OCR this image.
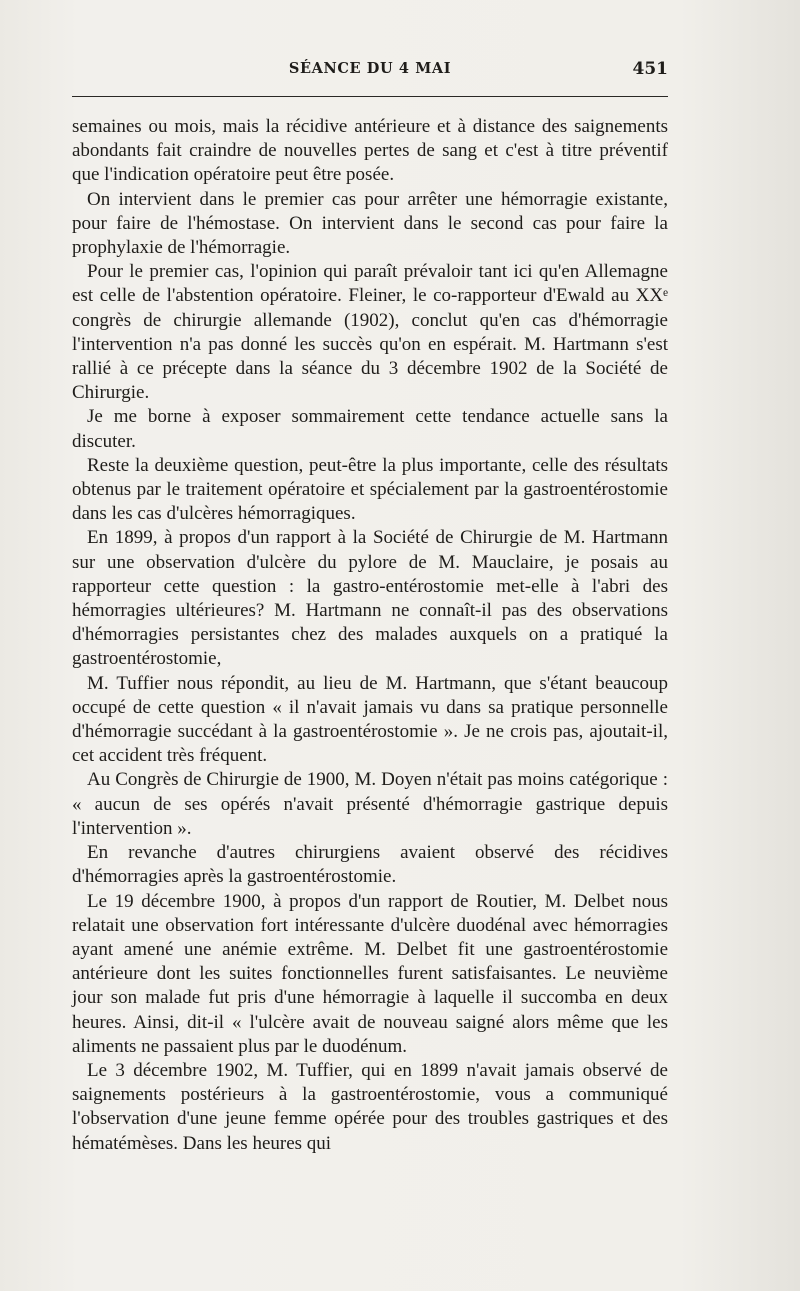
SÉANCE DU 4 MAI	451

semaines ou mois, mais la récidive antérieure et à distance des saignements abondants fait craindre de nouvelles pertes de sang et c'est à titre préventif que l'indication opératoire peut être posée.

On intervient dans le premier cas pour arrêter une hémorragie existante, pour faire de l'hémostase. On intervient dans le second cas pour faire la prophylaxie de l'hémorragie.

Pour le premier cas, l'opinion qui paraît prévaloir tant ici qu'en Allemagne est celle de l'abstention opératoire. Fleiner, le co-rapporteur d'Ewald au XXᵉ congrès de chirurgie allemande (1902), conclut qu'en cas d'hémorragie l'intervention n'a pas donné les succès qu'on en espérait. M. Hartmann s'est rallié à ce précepte dans la séance du 3 décembre 1902 de la Société de Chirurgie.

Je me borne à exposer sommairement cette tendance actuelle sans la discuter.

Reste la deuxième question, peut-être la plus importante, celle des résultats obtenus par le traitement opératoire et spécialement par la gastroentérostomie dans les cas d'ulcères hémorragiques.

En 1899, à propos d'un rapport à la Société de Chirurgie de M. Hartmann sur une observation d'ulcère du pylore de M. Mauclaire, je posais au rapporteur cette question : la gastro-entérostomie met-elle à l'abri des hémorragies ultérieures? M. Hartmann ne connaît-il pas des observations d'hémorragies persistantes chez des malades auxquels on a pratiqué la gastroentérostomie,

M. Tuffier nous répondit, au lieu de M. Hartmann, que s'étant beaucoup occupé de cette question « il n'avait jamais vu dans sa pratique personnelle d'hémorragie succédant à la gastroentérostomie ». Je ne crois pas, ajoutait-il, cet accident très fréquent.

Au Congrès de Chirurgie de 1900, M. Doyen n'était pas moins catégorique : « aucun de ses opérés n'avait présenté d'hémorragie gastrique depuis l'intervention ».

En revanche d'autres chirurgiens avaient observé des récidives d'hémorragies après la gastroentérostomie.

Le 19 décembre 1900, à propos d'un rapport de Routier, M. Delbet nous relatait une observation fort intéressante d'ulcère duodénal avec hémorragies ayant amené une anémie extrême. M. Delbet fit une gastroentérostomie antérieure dont les suites fonctionnelles furent satisfaisantes. Le neuvième jour son malade fut pris d'une hémorragie à laquelle il succomba en deux heures. Ainsi, dit-il « l'ulcère avait de nouveau saigné alors même que les aliments ne passaient plus par le duodénum.

Le 3 décembre 1902, M. Tuffier, qui en 1899 n'avait jamais observé de saignements postérieurs à la gastroentérostomie, vous a communiqué l'observation d'une jeune femme opérée pour des troubles gastriques et des hématémèses. Dans les heures qui
